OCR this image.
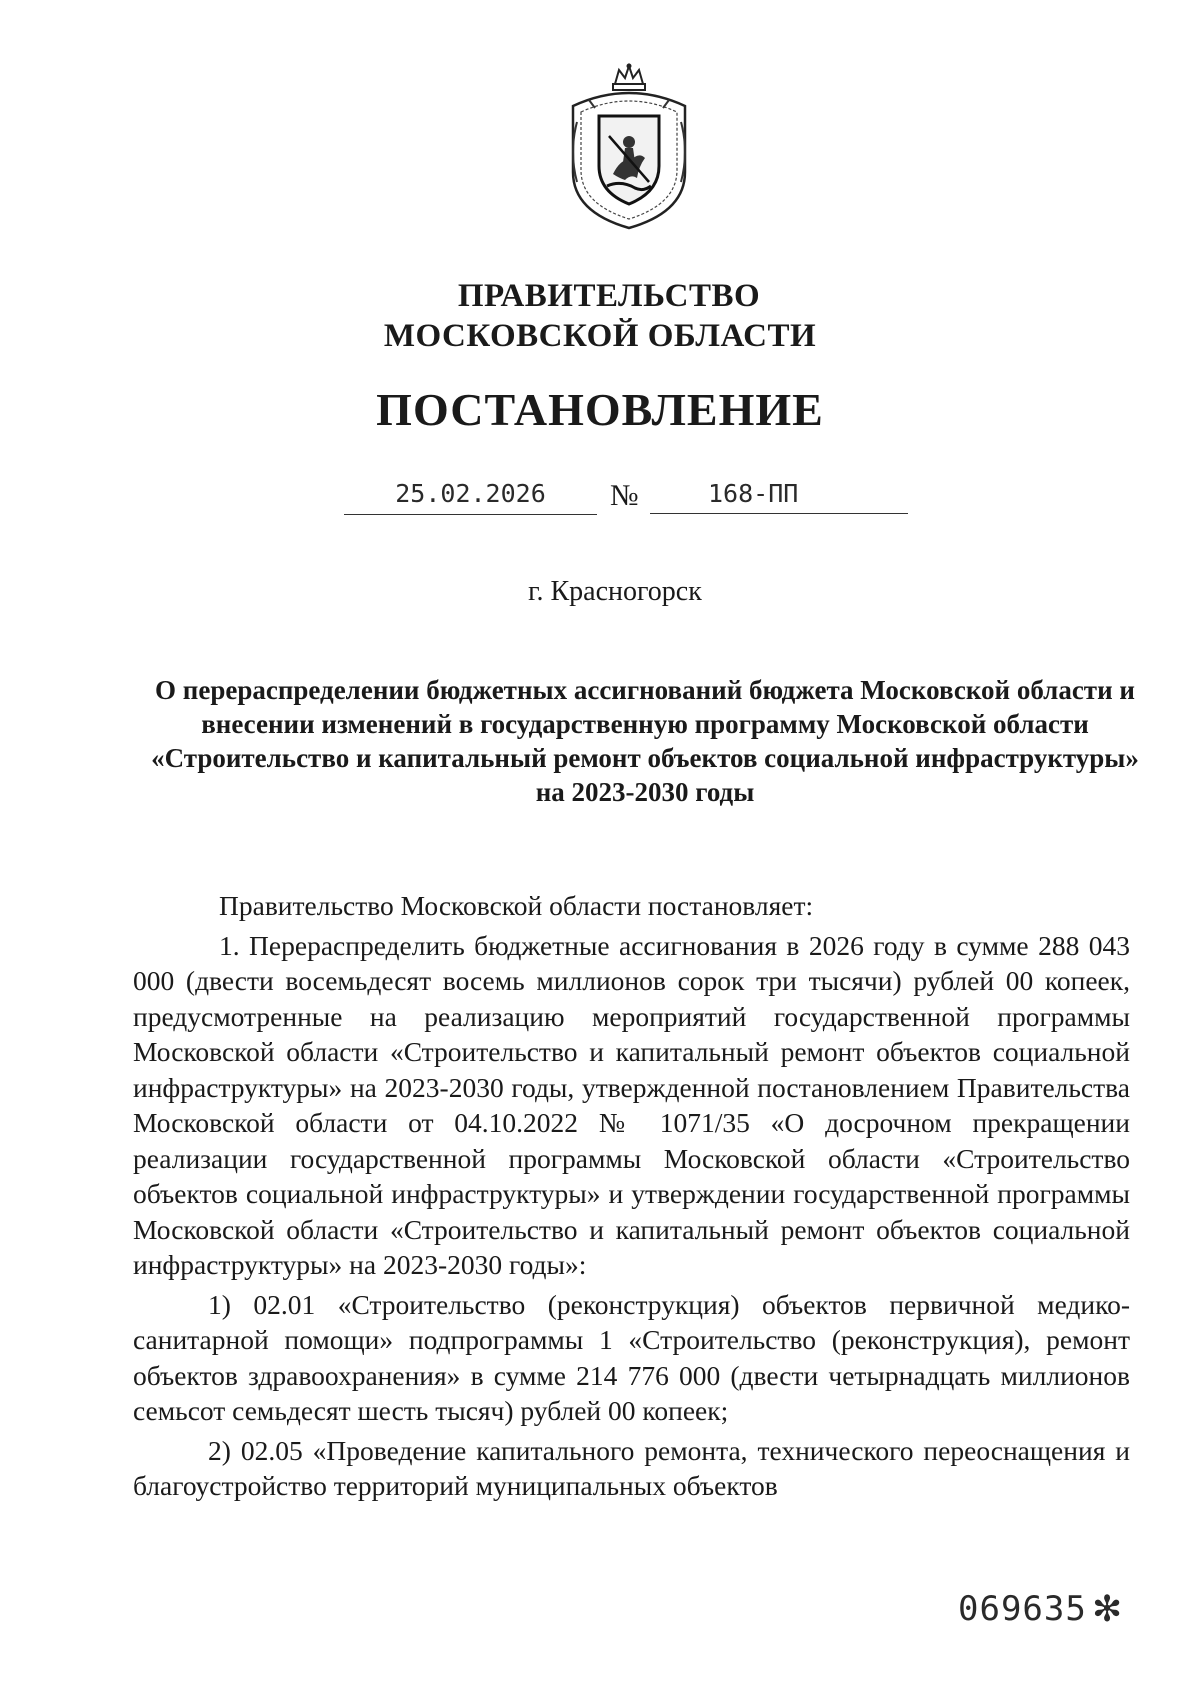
ПРАВИТЕЛЬСТВО
МОСКОВСКОЙ ОБЛАСТИ
ПОСТАНОВЛЕНИЕ
25.02.2026	№	168-ПП
г. Красногорск
О перераспределении бюджетных ассигнований бюджета Московской области и внесении изменений в государственную программу Московской области «Строительство и капитальный ремонт объектов социальной инфраструктуры» на 2023-2030 годы

Правительство Московской области постановляет:

1. Перераспределить бюджетные ассигнования в 2026 году в сумме 288 043 000 (двести восемьдесят восемь миллионов сорок три тысячи) рублей 00 копеек, предусмотренные на реализацию мероприятий государственной программы Московской области «Строительство и капитальный ремонт объектов социальной инфраструктуры» на 2023-2030 годы, утвержденной постановлением Правительства Московской области от 04.10.2022 № 1071/35 «О досрочном прекращении реализации государственной программы Московской области «Строительство объектов социальной инфраструктуры» и утверждении государственной программы Московской области «Строительство и капитальный ремонт объектов социальной инфраструктуры» на 2023-2030 годы»:

1) 02.01 «Строительство (реконструкция) объектов первичной медико-санитарной помощи» подпрограммы 1 «Строительство (реконструкция), ремонт объектов здравоохранения» в сумме 214 776 000 (двести четырнадцать миллионов семьсот семьдесят шесть тысяч) рублей 00 копеек;

2) 02.05 «Проведение капитального ремонта, технического переоснащения и благоустройство территорий муниципальных объектов

069635 ✻
